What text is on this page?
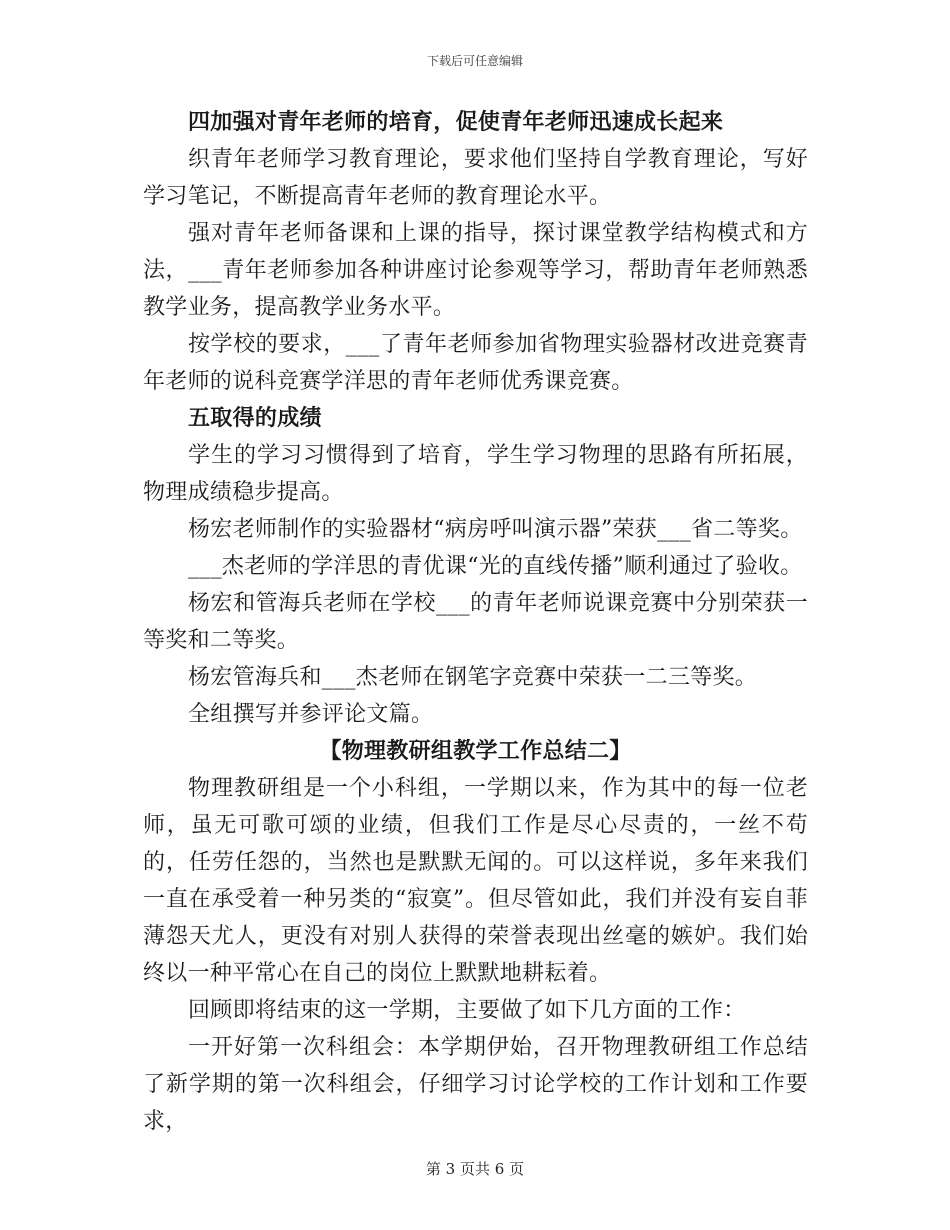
下载后可任意编辑

四加强对青年老师的培育，促使青年老师迅速成长起来

织青年老师学习教育理论，要求他们坚持自学教育理论，写好学习笔记，不断提高青年老师的教育理论水平。

强对青年老师备课和上课的指导，探讨课堂教学结构模式和方法，___青年老师参加各种讲座讨论参观等学习，帮助青年老师熟悉教学业务，提高教学业务水平。

按学校的要求，___了青年老师参加省物理实验器材改进竞赛青年老师的说科竞赛学洋思的青年老师优秀课竞赛。

五取得的成绩

学生的学习习惯得到了培育，学生学习物理的思路有所拓展，物理成绩稳步提高。

杨宏老师制作的实验器材“病房呼叫演示器”荣获___省二等奖。

___杰老师的学洋思的青优课“光的直线传播”顺利通过了验收。

杨宏和管海兵老师在学校___的青年老师说课竞赛中分别荣获一等奖和二等奖。

杨宏管海兵和___杰老师在钢笔字竞赛中荣获一二三等奖。

全组撰写并参评论文篇。

【物理教研组教学工作总结二】

物理教研组是一个小科组，一学期以来，作为其中的每一位老师，虽无可歌可颂的业绩，但我们工作是尽心尽责的，一丝不苟的，任劳任怨的，当然也是默默无闻的。可以这样说，多年来我们一直在承受着一种另类的“寂寞”。但尽管如此，我们并没有妄自菲薄怨天尤人，更没有对别人获得的荣誉表现出丝毫的嫉妒。我们始终以一种平常心在自己的岗位上默默地耕耘着。

回顾即将结束的这一学期，主要做了如下几方面的工作：

一开好第一次科组会：本学期伊始，召开物理教研组工作总结了新学期的第一次科组会，仔细学习讨论学校的工作计划和工作要求，

第 3 页共 6 页
